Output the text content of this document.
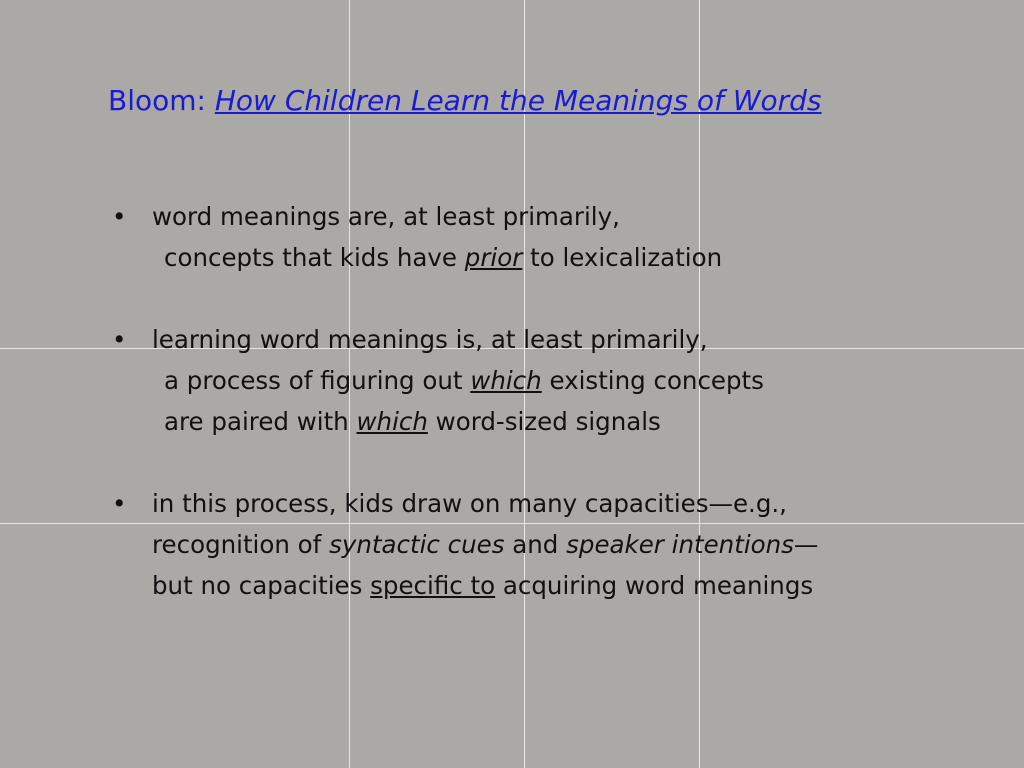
Bloom: How Children Learn the Meanings of Words
• word meanings are, at least primarily,
concepts that kids have prior to lexicalization
• learning word meanings is, at least primarily,
a process of figuring out which existing concepts
are paired with which word-sized signals
• in this process, kids draw on many capacities—e.g.,
recognition of syntactic cues and speaker intentions—
but no capacities specific to acquiring word meanings
